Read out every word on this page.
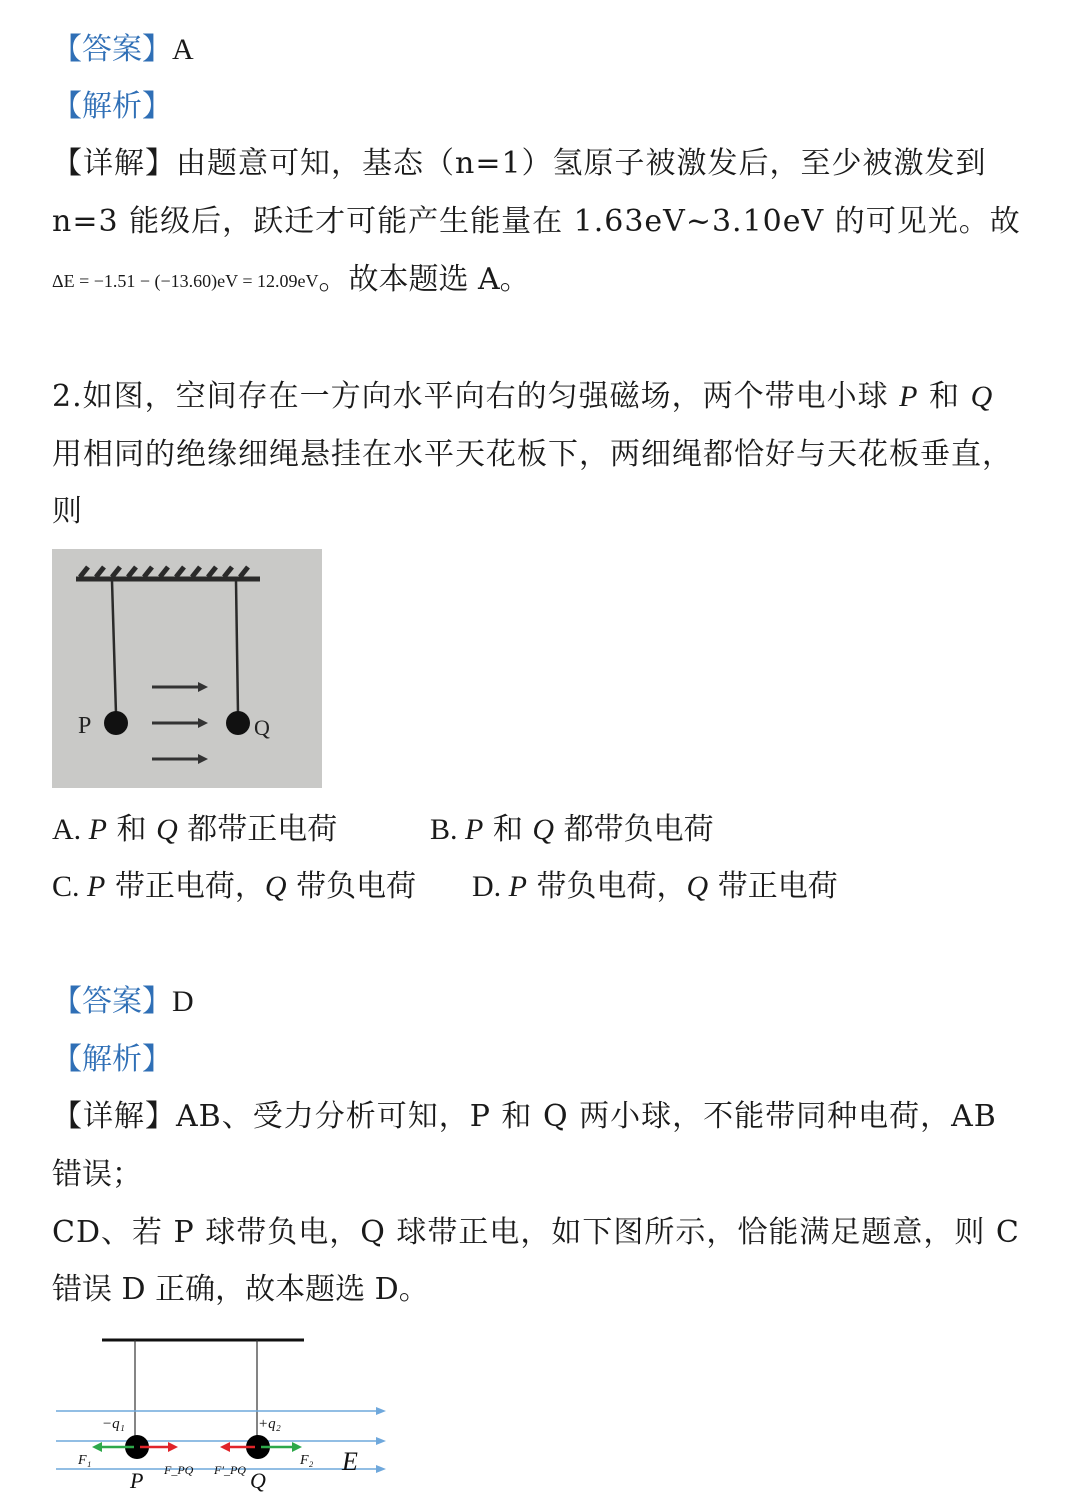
【答案】A
【解析】
【详解】由题意可知，基态（n=1）氢原子被激发后，至少被激发到
n=3 能级后，跃迁才可能产生能量在 1.63eV~3.10eV 的可见光。故
ΔE = −1.51 − (−13.60)eV = 12.09eV。故本题选 A。
2.如图，空间存在一方向水平向右的匀强磁场，两个带电小球 P 和 Q
用相同的绝缘细绳悬挂在水平天花板下，两细绳都恰好与天花板垂直，
则
P	Q
A. P 和 Q 都带正电荷	B. P 和 Q 都带负电荷
C. P 带正电荷，Q 带负电荷 D. P 带负电荷，Q 带正电荷
【答案】D
【解析】
【详解】AB、受力分析可知，P 和 Q 两小球，不能带同种电荷，AB
错误；
CD、若 P 球带负电，Q 球带正电，如下图所示，恰能满足题意，则 C
错误 D 正确，故本题选 D。
−q₁	+q₂
F₁
F_PQ F′_PQ
F₂
P	Q
E
